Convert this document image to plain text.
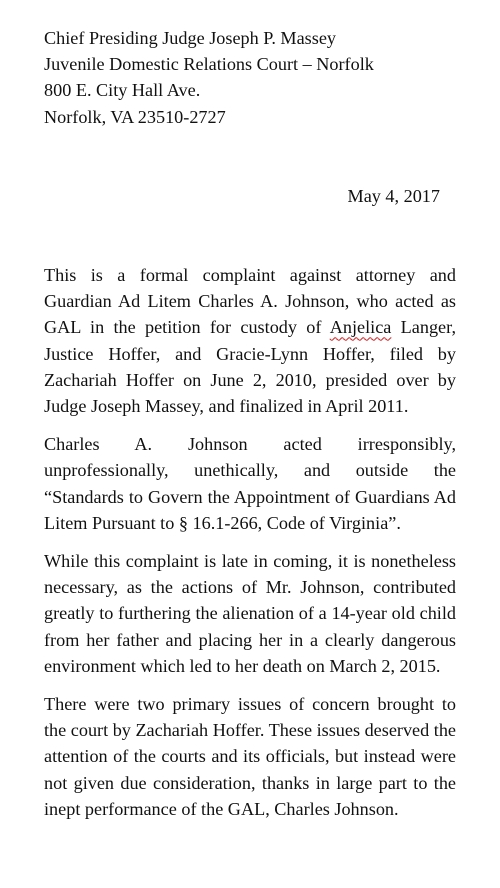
Chief Presiding Judge Joseph P. Massey
Juvenile Domestic Relations Court – Norfolk
800 E. City Hall Ave.
Norfolk, VA 23510-2727
May 4, 2017

This is a formal complaint against attorney and Guardian Ad Litem Charles A. Johnson, who acted as GAL in the petition for custody of Anjelica Langer, Justice Hoffer, and Gracie-Lynn Hoffer, filed by Zachariah Hoffer on June 2, 2010, presided over by Judge Joseph Massey, and finalized in April 2011.

Charles A. Johnson acted irresponsibly, unprofessionally, unethically, and outside the “Standards to Govern the Appointment of Guardians Ad Litem Pursuant to § 16.1-266, Code of Virginia”.

While this complaint is late in coming, it is nonetheless necessary, as the actions of Mr. Johnson, contributed greatly to furthering the alienation of a 14-year old child from her father and placing her in a clearly dangerous environment which led to her death on March 2, 2015.

There were two primary issues of concern brought to the court by Zachariah Hoffer. These issues deserved the attention of the courts and its officials, but instead were not given due consideration, thanks in large part to the inept performance of the GAL, Charles Johnson.
